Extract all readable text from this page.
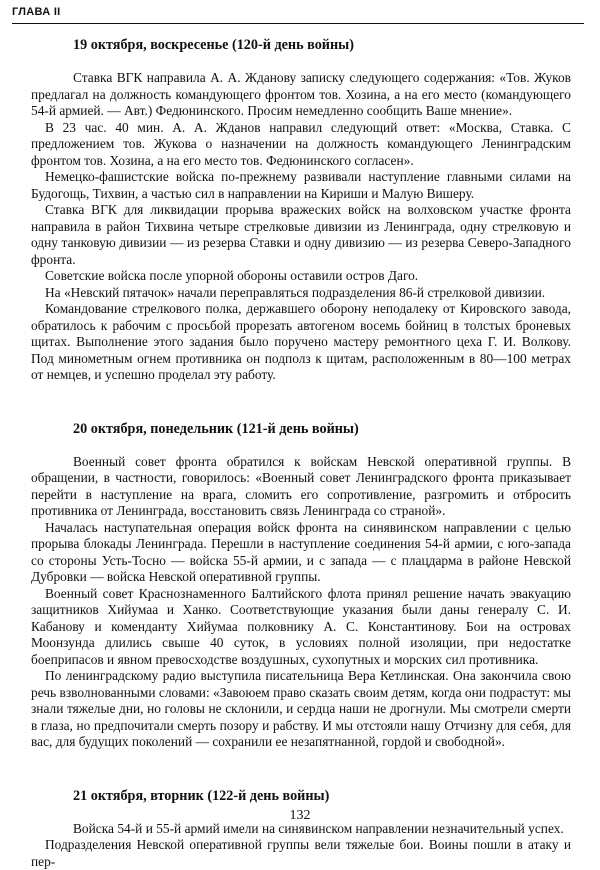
ГЛАВА II
19 октября, воскресенье (120-й день войны)

Ставка ВГК направила А. А. Жданову записку следующего содержания: «Тов. Жуков предлагал на должность командующего фронтом тов. Хозина, а на его место (командующего 54-й армией. — Авт.) Федюнинского. Просим немедленно сообщить Ваше мнение».

В 23 час. 40 мин. А. А. Жданов направил следующий ответ: «Москва, Ставка. С предложением тов. Жукова о назначении на должность командующего Ленинградским фронтом тов. Хозина, а на его место тов. Федюнинского согласен».

Немецко-фашистские войска по-прежнему развивали наступление главными силами на Будогощь, Тихвин, а частью сил в направлении на Кириши и Малую Вишеру.

Ставка ВГК для ликвидации прорыва вражеских войск на волховском участке фронта направила в район Тихвина четыре стрелковые дивизии из Ленинграда, одну стрелковую и одну танковую дивизии — из резерва Ставки и одну дивизию — из резерва Северо-Западного фронта.

Советские войска после упорной обороны оставили остров Даго.

На «Невский пятачок» начали переправляться подразделения 86-й стрелковой дивизии.

Командование стрелкового полка, державшего оборону неподалеку от Кировского завода, обратилось к рабочим с просьбой прорезать автогеном восемь бойниц в толстых броневых щитах. Выполнение этого задания было поручено мастеру ремонтного цеха Г. И. Волкову. Под минометным огнем противника он подполз к щитам, расположенным в 80—100 метрах от немцев, и успешно проделал эту работу.

20 октября, понедельник (121-й день войны)

Военный совет фронта обратился к войскам Невской оперативной группы. В обращении, в частности, говорилось: «Военный совет Ленинградского фронта приказывает перейти в наступление на врага, сломить его сопротивление, разгромить и отбросить противника от Ленинграда, восстановить связь Ленинграда со страной».

Началась наступательная операция войск фронта на синявинском направлении с целью прорыва блокады Ленинграда. Перешли в наступление соединения 54-й армии, с юго-запада со стороны Усть-Тосно — войска 55-й армии, и с запада — с плацдарма в районе Невской Дубровки — войска Невской оперативной группы.

Военный совет Краснознаменного Балтийского флота принял решение начать эвакуацию защитников Хийумаа и Ханко. Соответствующие указания были даны генералу С. И. Кабанову и коменданту Хийумаа полковнику А. С. Константинову. Бои на островах Моонзунда длились свыше 40 суток, в условиях полной изоляции, при недостатке боеприпасов и явном превосходстве воздушных, сухопутных и морских сил противника.

По ленинградскому радио выступила писательница Вера Кетлинская. Она закончила свою речь взволнованными словами: «Завоюем право сказать своим детям, когда они подрастут: мы знали тяжелые дни, но головы не склонили, и сердца наши не дрогнули. Мы смотрели смерти в глаза, но предпочитали смерть позору и рабству. И мы отстояли нашу Отчизну для себя, для вас, для будущих поколений — сохранили ее незапятнанной, гордой и свободной».

21 октября, вторник (122-й день войны)

Войска 54-й и 55-й армий имели на синявинском направлении незначительный успех.

Подразделения Невской оперативной группы вели тяжелые бои. Воины пошли в атаку и пер-

132
